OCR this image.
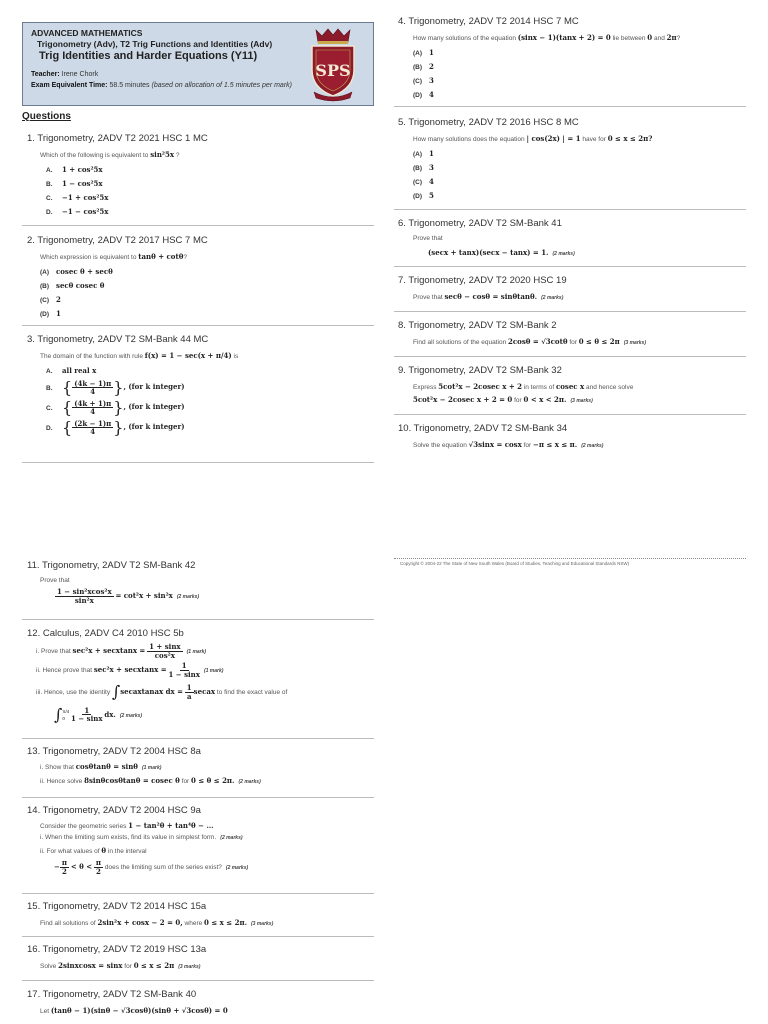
ADVANCED MATHEMATICS
Trigonometry (Adv), T2 Trig Functions and Identities (Adv)
Trig Identities and Harder Equations (Y11)
Teacher: Irene Chork
Exam Equivalent Time: 58.5 minutes (based on allocation of 1.5 minutes per mark)
SPS
Questions
1. Trigonometry, 2ADV T2 2021 HSC 1 MC
Which of the following is equivalent to sin²5x ?
A. 1 + cos²5x
B. 1 − cos²5x
C. −1 + cos²5x
D. −1 − cos²5x
2. Trigonometry, 2ADV T2 2017 HSC 7 MC
Which expression is equivalent to tanθ + cotθ?
(A) cosec θ + secθ
(B) secθ cosec θ
(C) 2
(D) 1
3. Trigonometry, 2ADV T2 SM-Bank 44 MC
The domain of the function with rule f(x) = 1 − sec(x + π/4) is
A. all real x
B. { $\frac{(4k - 1)\pi}{4}$ }, (for k integer)
C. { $\frac{(4k + 1)\pi}{4}$ }, (for k integer)
D. { $\frac{(2k - 1)\pi}{4}$ }, (for k integer)
4. Trigonometry, 2ADV T2 2014 HSC 7 MC
How many solutions of the equation (sinx − 1)(tanx + 2) = 0 lie between 0 and 2π?
(A) 1
(B) 2
(C) 3
(D) 4
5. Trigonometry, 2ADV T2 2016 HSC 8 MC
How many solutions does the equation | cos(2x) | = 1 have for 0 ≤ x ≤ 2π?
(A) 1
(B) 3
(C) 4
(D) 5
6. Trigonometry, 2ADV T2 SM-Bank 41
Prove that
(secx + tanx)(secx − tanx) = 1. (2 marks)
7. Trigonometry, 2ADV T2 2020 HSC 19
Prove that secθ − cosθ = sinθtanθ. (2 marks)
8. Trigonometry, 2ADV T2 SM-Bank 2
Find all solutions of the equation 2cosθ = √3cotθ for 0 ≤ θ ≤ 2π (3 marks)
9. Trigonometry, 2ADV T2 SM-Bank 32
Express 5cot²x − 2cosec x + 2 in terms of cosec x and hence solve
5cot²x − 2cosec x + 2 = 0 for 0 < x < 2π. (3 marks)
10. Trigonometry, 2ADV T2 SM-Bank 34
Solve the equation √3sinx = cosx for −π ≤ x ≤ π. (2 marks)
Copyright © 2004-22 The State of New South Wales (Board of Studies, Teaching and Educational Standards NSW)
11. Trigonometry, 2ADV T2 SM-Bank 42
Prove that
$\frac{\text{1 − sin²xcos²x}}{\text{sin²x}} = \cot^2x + \sin^2x$ (2 marks)
12. Calculus, 2ADV C4 2010 HSC 5b
i. Prove that sec²x + secxtanx = $\frac{1 + \sin x}{\text{cos²x}} (1$ mark)
ii. Hence prove that sec²x + secxtanx = $\frac{1}{1 - \sin x} (1$ mark)
iii. Hence, use the identity ∫secaxtanax dx = $\frac{1}{a}$ secax to find the exact value of
∫ π/4
0
$\frac{1}{1 - \sin x}$ dx. (2 marks)
13. Trigonometry, 2ADV T2 2004 HSC 8a
i. Show that cosθtanθ = sinθ (1 mark)
ii. Hence solve 8sinθcosθtanθ = cosec θ for 0 ≤ θ ≤ 2π. (2 marks)
14. Trigonometry, 2ADV T2 2004 HSC 9a
Consider the geometric series 1 − tan²θ + tan⁴θ − …
i. When the limiting sum exists, find its value in simplest form. (2 marks)
ii. For what values of θ in the interval
− $\frac{\pi}{2} < \theta < \frac{\pi}{2}$ does the limiting sum of the series exist? (2 marks)
15. Trigonometry, 2ADV T2 2014 HSC 15a
Find all solutions of 2sin²x + cosx − 2 = 0, where 0 ≤ x ≤ 2π. (3 marks)
16. Trigonometry, 2ADV T2 2019 HSC 13a
Solve 2sinxcosx = sinx for 0 ≤ x ≤ 2π (3 marks)
17. Trigonometry, 2ADV T2 SM-Bank 40
Let (tanθ − 1)(sinθ − √3cosθ)(sinθ + √3cosθ) = 0
